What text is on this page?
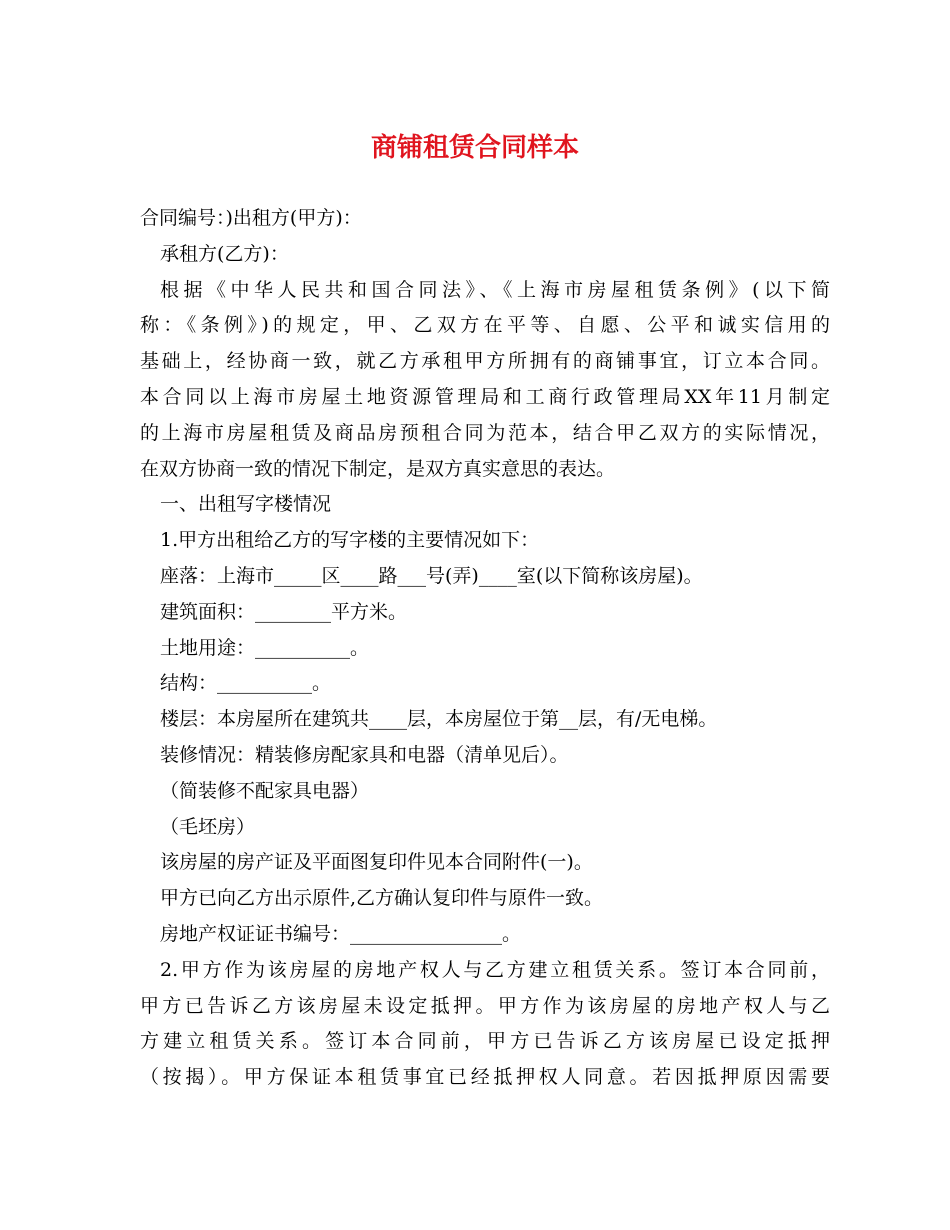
商铺租赁合同样本

合同编号：)出租方(甲方)：

承租方(乙方)：

根据《中华人民共和国合同法》、《上海市房屋租赁条例》(以下简

称：《条例》)的规定，甲、乙双方在平等、自愿、公平和诚实信用的

基础上，经协商一致，就乙方承租甲方所拥有的商铺事宜，订立本合同。

本合同以上海市房屋土地资源管理局和工商行政管理局XX年11月制定

的上海市房屋租赁及商品房预租合同为范本，结合甲乙双方的实际情况，

在双方协商一致的情况下制定，是双方真实意思的表达。

一、出租写字楼情况

1.甲方出租给乙方的写字楼的主要情况如下：

座落：上海市_____区____路___号(弄)____室(以下简称该房屋)。

建筑面积：________平方米。

土地用途：__________。

结构：__________。

楼层：本房屋所在建筑共____层，本房屋位于第__层，有/无电梯。

装修情况：精装修房配家具和电器（清单见后）。

（简装修不配家具电器）

（毛坯房）

该房屋的房产证及平面图复印件见本合同附件(一)。

甲方已向乙方出示原件,乙方确认复印件与原件一致。

房地产权证证书编号：________________。

2.甲方作为该房屋的房地产权人与乙方建立租赁关系。签订本合同前，

甲方已告诉乙方该房屋未设定抵押。甲方作为该房屋的房地产权人与乙

方建立租赁关系。签订本合同前，甲方已告诉乙方该房屋已设定抵押

（按揭）。甲方保证本租赁事宜已经抵押权人同意。若因抵押原因需要
